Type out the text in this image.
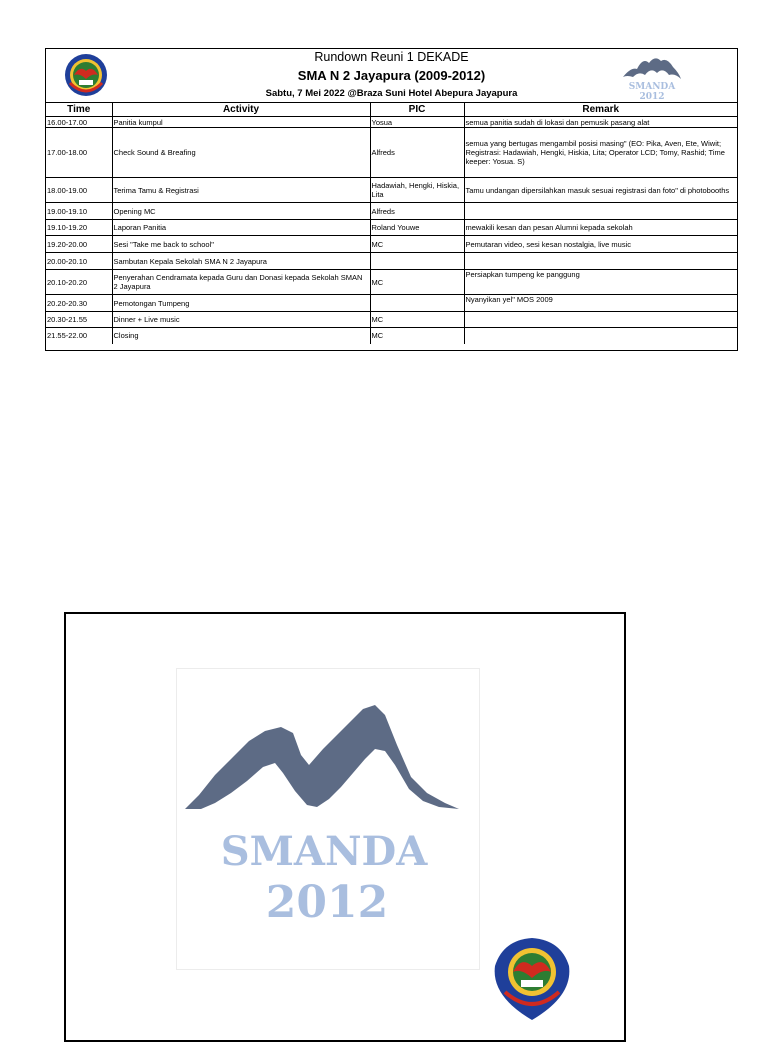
Rundown Reuni 1 DEKADE
SMA N 2 Jayapura (2009-2012)
Sabtu, 7 Mei 2022 @Braza Suni Hotel Abepura Jayapura
SMANDA
2012
Time	Activity	PIC	Remark
16.00-17.00	Panitia kumpul	Yosua	semua panitia sudah di lokasi dan pemusik pasang alat
17.00-18.00	Check Sound & Breafing	Alfreds	semua yang bertugas mengambil posisi masing" (EO: Pika, Aven, Ete, Wiwit; Registrasi: Hadawiah, Hengki, Hiskia, Lita; Operator LCD; Tomy, Rashid; Time keeper: Yosua. S)
18.00-19.00	Terima Tamu & Registrasi	Hadawiah, Hengki, Hiskia, Lita	Tamu undangan dipersilahkan masuk sesuai registrasi dan foto" di photobooths
19.00-19.10	Opening MC	Alfreds	
19.10-19.20	Laporan Panitia	Roland Youwe	mewakili kesan dan pesan Alumni kepada sekolah
19.20-20.00	Sesi "Take me back to school"	MC	Pemutaran video, sesi kesan nostalgia, live music
20.00-20.10	Sambutan Kepala Sekolah SMA N 2 Jayapura		
20.10-20.20	Penyerahan Cendramata kepada Guru dan Donasi kepada Sekolah SMAN 2 Jayapura	MC	Persiapkan tumpeng ke panggung
20.20-20.30	Pemotongan Tumpeng		Nyanyikan yel" MOS 2009
20.30-21.55	Dinner + Live music	MC	
21.55-22.00	Closing	MC	
SMANDA
2012
